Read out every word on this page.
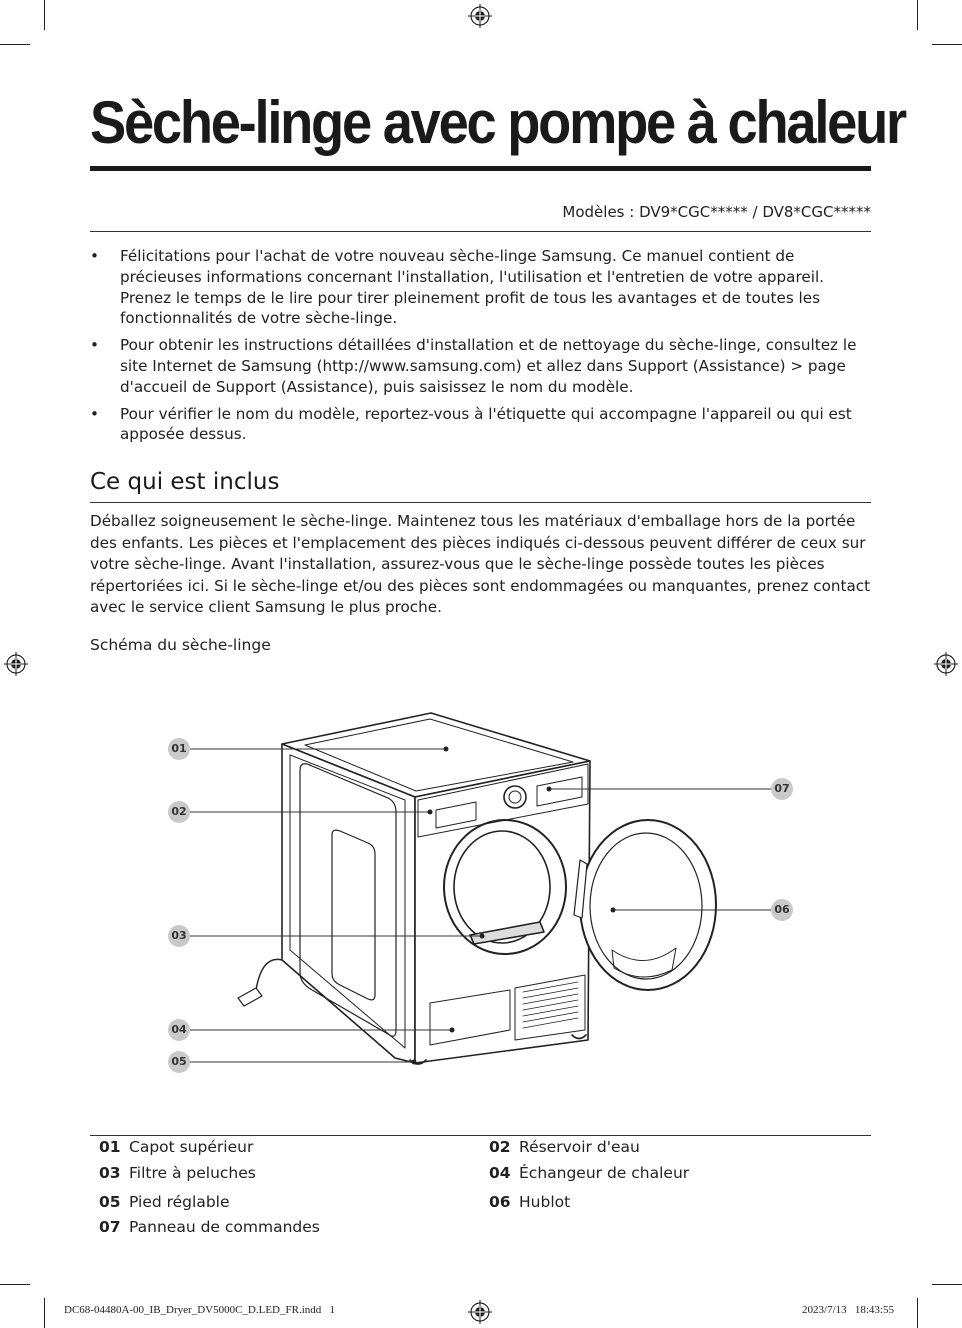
Sèche-linge avec pompe à chaleur
Modèles : DV9*CGC***** / DV8*CGC*****
• Félicitations pour l'achat de votre nouveau sèche-linge Samsung. Ce manuel contient de précieuses informations concernant l'installation, l'utilisation et l'entretien de votre appareil. Prenez le temps de le lire pour tirer pleinement profit de tous les avantages et de toutes les fonctionnalités de votre sèche-linge.
• Pour obtenir les instructions détaillées d'installation et de nettoyage du sèche-linge, consultez le site Internet de Samsung (http://www.samsung.com) et allez dans Support (Assistance) > page d'accueil de Support (Assistance), puis saisissez le nom du modèle.
• Pour vérifier le nom du modèle, reportez-vous à l'étiquette qui accompagne l'appareil ou qui est apposée dessus.
Ce qui est inclus
Déballez soigneusement le sèche-linge. Maintenez tous les matériaux d'emballage hors de la portée des enfants. Les pièces et l'emplacement des pièces indiqués ci-dessous peuvent différer de ceux sur votre sèche-linge. Avant l'installation, assurez-vous que le sèche-linge possède toutes les pièces répertoriées ici. Si le sèche-linge et/ou des pièces sont endommagées ou manquantes, prenez contact avec le service client Samsung le plus proche.
Schéma du sèche-linge
01
02
03
04
05
06
07
01 Capot supérieur	02 Réservoir d'eau
03 Filtre à peluches	04 Échangeur de chaleur
05 Pied réglable	06 Hublot
07 Panneau de commandes
DC68-04480A-00_IB_Dryer_DV5000C_D.LED_FR.indd   1	2023/7/13   18:43:55
